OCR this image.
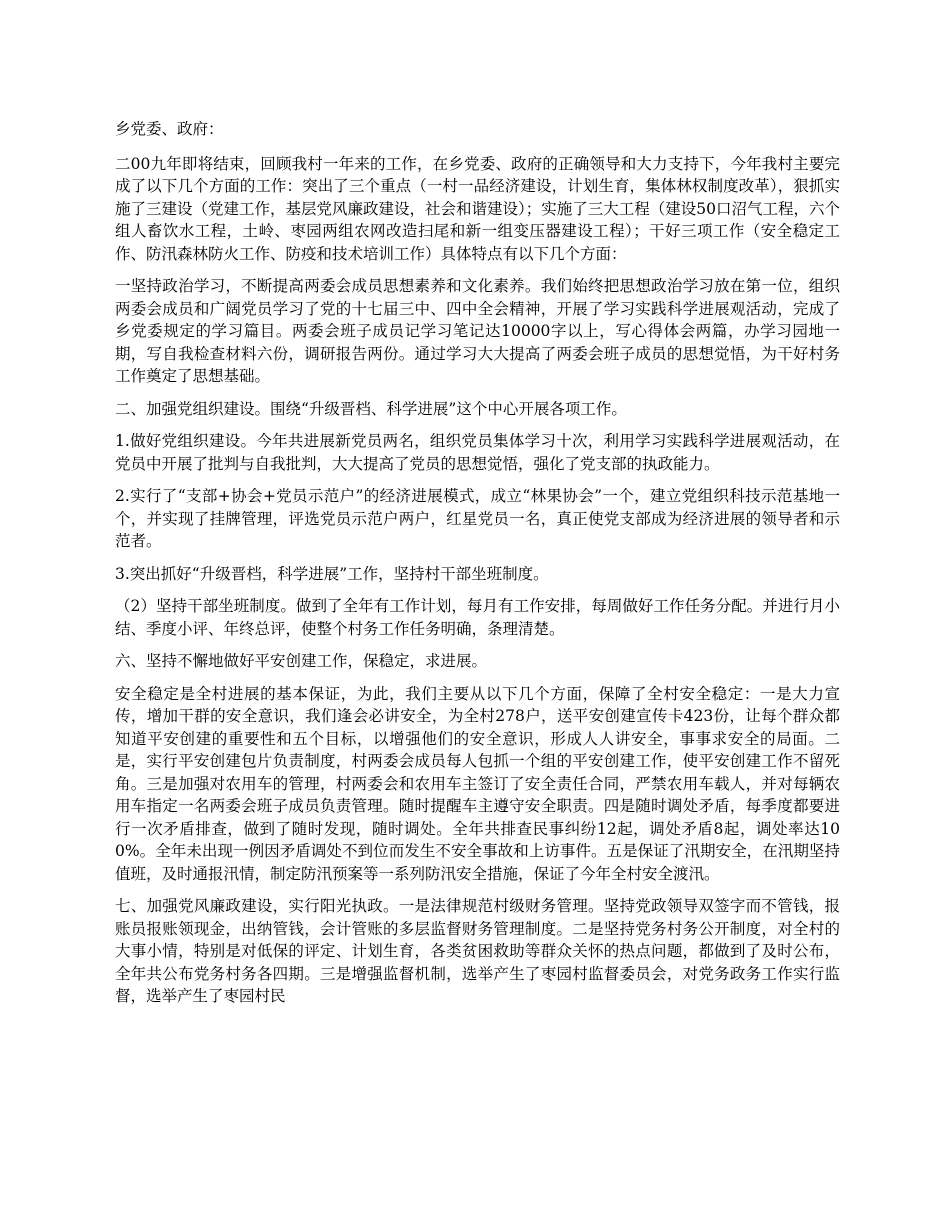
乡党委、政府：

二00九年即将结束，回顾我村一年来的工作，在乡党委、政府的正确领导和大力支持下，今年我村主要完成了以下几个方面的工作：突出了三个重点（一村一品经济建设，计划生育，集体林权制度改革），狠抓实施了三建设（党建工作，基层党风廉政建设，社会和谐建设）；实施了三大工程（建设50口沼气工程，六个组人畜饮水工程，土岭、枣园两组农网改造扫尾和新一组变压器建设工程）；干好三项工作（安全稳定工作、防汛森林防火工作、防疫和技术培训工作）具体特点有以下几个方面：

一坚持政治学习，不断提高两委会成员思想素养和文化素养。我们始终把思想政治学习放在第一位，组织两委会成员和广阔党员学习了党的十七届三中、四中全会精神，开展了学习实践科学进展观活动，完成了乡党委规定的学习篇目。两委会班子成员记学习笔记达10000字以上，写心得体会两篇，办学习园地一期，写自我检查材料六份，调研报告两份。通过学习大大提高了两委会班子成员的思想觉悟，为干好村务工作奠定了思想基础。

二、加强党组织建设。围绕“升级晋档、科学进展”这个中心开展各项工作。

1.做好党组织建设。今年共进展新党员两名，组织党员集体学习十次，利用学习实践科学进展观活动，在党员中开展了批判与自我批判，大大提高了党员的思想觉悟，强化了党支部的执政能力。

2.实行了“支部+协会+党员示范户”的经济进展模式，成立“林果协会”一个，建立党组织科技示范基地一个，并实现了挂牌管理，评选党员示范户两户，红星党员一名，真正使党支部成为经济进展的领导者和示范者。

3.突出抓好“升级晋档，科学进展”工作，坚持村干部坐班制度。

（2）坚持干部坐班制度。做到了全年有工作计划，每月有工作安排，每周做好工作任务分配。并进行月小结、季度小评、年终总评，使整个村务工作任务明确，条理清楚。

六、坚持不懈地做好平安创建工作，保稳定，求进展。

安全稳定是全村进展的基本保证，为此，我们主要从以下几个方面，保障了全村安全稳定：一是大力宣传，增加干群的安全意识，我们逢会必讲安全，为全村278户，送平安创建宣传卡423份，让每个群众都知道平安创建的重要性和五个目标，以增强他们的安全意识，形成人人讲安全，事事求安全的局面。二是，实行平安创建包片负责制度，村两委会成员每人包抓一个组的平安创建工作，使平安创建工作不留死角。三是加强对农用车的管理，村两委会和农用车主签订了安全责任合同，严禁农用车载人，并对每辆农用车指定一名两委会班子成员负责管理。随时提醒车主遵守安全职责。四是随时调处矛盾，每季度都要进行一次矛盾排查，做到了随时发现，随时调处。全年共排查民事纠纷12起，调处矛盾8起，调处率达100%。全年未出现一例因矛盾调处不到位而发生不安全事故和上访事件。五是保证了汛期安全，在汛期坚持值班，及时通报汛情，制定防汛预案等一系列防汛安全措施，保证了今年全村安全渡汛。

七、加强党风廉政建设，实行阳光执政。一是法律规范村级财务管理。坚持党政领导双签字而不管钱，报账员报账领现金，出纳管钱，会计管账的多层监督财务管理制度。二是坚持党务村务公开制度，对全村的大事小情，特别是对低保的评定、计划生育，各类贫困救助等群众关怀的热点问题，都做到了及时公布，全年共公布党务村务各四期。三是增强监督机制，选举产生了枣园村监督委员会，对党务政务工作实行监督，选举产生了枣园村民
